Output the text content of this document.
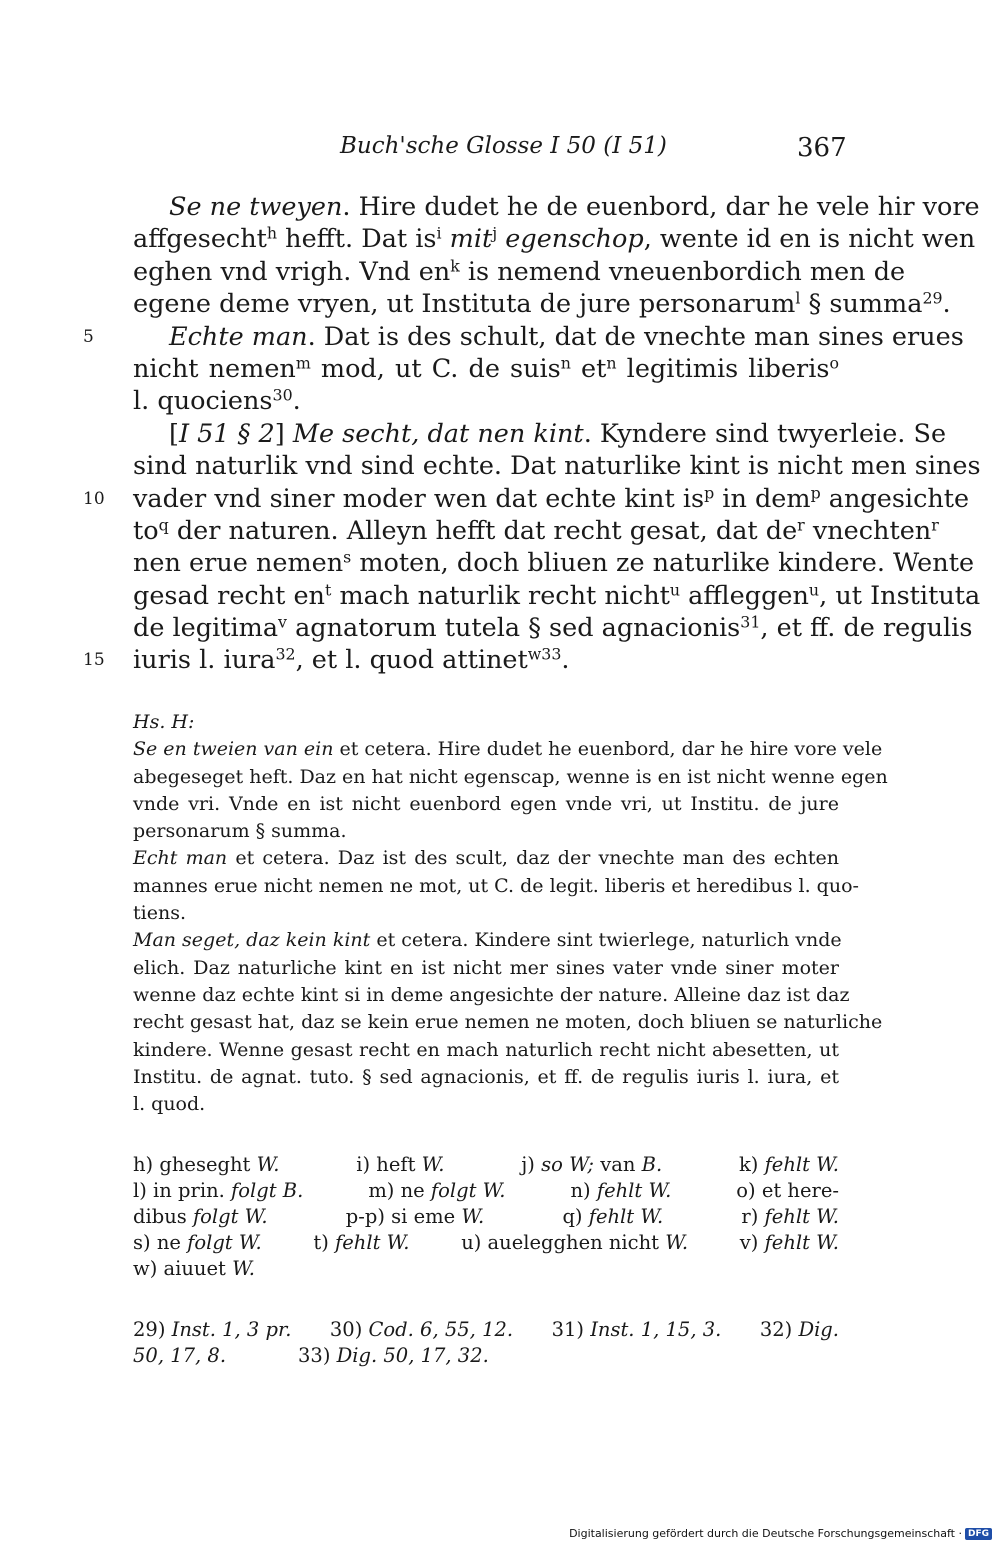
Buch'sche Glosse I 50 (I 51)	367
Se ne tweyen. Hire dudet he de euenbord, dar he vele hir vore
affgesecht$^h$ hefft. Dat $is^i$ mit$^j$ egenschop, wente id en is nicht wen
eghen vnd vrigh. Vnd $en^k$ is nemend vneuenbordich men de
egene deme vryen, ut Instituta de jure personarum$^l$ § summa$^{29}$.
5	Echte man. Dat is des schult, dat de vnechte man sines erues
nicht nemen$^m$ mod, ut C. de suis$^n$ $et^n$ legitimis liberis$^o$
l. quociens$^{30}$.
[I 51 § 2] Me secht, dat nen kint. Kyndere sind twyerleie. Se
sind naturlik vnd sind echte. Dat naturlike kint is nicht men sines
10 vader vnd siner moder wen dat echte kint $is^p$ in dem$^p$ angesichte
$to^q$ der naturen. Alleyn hefft dat recht gesat, dat $de^r$ vnechten$^r$
nen erue nemen$^s$ moten, doch bliuen ze naturlike kindere. Wente
gesad recht $en^t$ mach naturlik recht nicht$^u$ affleggen$^u$, ut Instituta
de legitima$^v$ agnatorum tutela § sed agnacionis$^{31}$, et ff. de regulis
15 iuris l. iura$^{32}$, et l. quod attinet$^{w33}$.
Hs. H:
Se en tweien van ein et cetera. Hire dudet he euenbord, dar he hire vore vele
abegeseget heft. Daz en hat nicht egenscap, wenne is en ist nicht wenne egen
vnde vri. Vnde en ist nicht euenbord egen vnde vri, ut Institu. de jure
personarum § summa.
Echt man et cetera. Daz ist des scult, daz der vnechte man des echten
mannes erue nicht nemen ne mot, ut C. de legit. liberis et heredibus l. quo-
tiens.
Man seget, daz kein kint et cetera. Kindere sint twierlege, naturlich vnde
elich. Daz naturliche kint en ist nicht mer sines vater vnde siner moter
wenne daz echte kint si in deme angesichte der nature. Alleine daz ist daz
recht gesast hat, daz se kein erue nemen ne moten, doch bliuen se naturliche
kindere. Wenne gesast recht en mach naturlich recht nicht abesetten, ut
Institu. de agnat. tuto. § sed agnacionis, et ff. de regulis iuris l. iura, et
l. quod.
h) gheseght W.	i) heft W.	j) so W; van B.	k) fehlt W.
l) in prin. folgt B.	m) ne folgt W.	n) fehlt W.	o) et here-
dibus folgt W.	p-p) si eme W.	q) fehlt W.	r) fehlt W.
s) ne folgt W.	t) fehlt W.	u) auelegghen nicht W.	v) fehlt W.
w) aiuuet W.
29) Inst. 1, 3 pr. 30) Cod. 6, 55, 12. 31) Inst. 1, 15, 3. 32) Dig.
50, 17, 8.	33) Dig. 50, 17, 32.
Digitalisierung gefördert durch die Deutsche Forschungsgemeinschaft · DFG
